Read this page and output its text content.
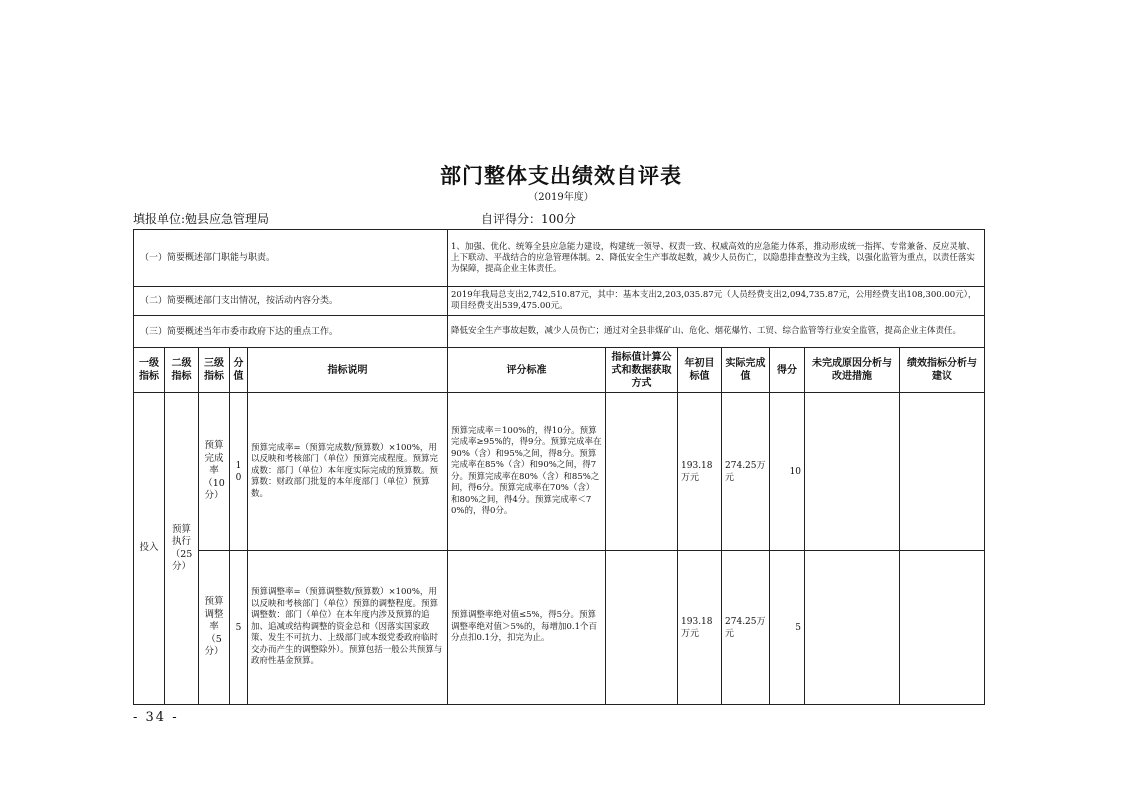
部门整体支出绩效自评表
（2019年度）
填报单位:勉县应急管理局	自评得分：100分
（一）简要概述部门职能与职责。					1、加强、优化、统筹全县应急能力建设，构建统一领导、权责一致、权威高效的应急能力体系，推动形成统一指挥、专常兼备、反应灵敏、上下联动、平战结合的应急管理体制。2、降低安全生产事故起数，减少人员伤亡，以隐患排查整改为主线，以强化监管为重点，以责任落实为保障，提高企业主体责任。						
（二）简要概述部门支出情况，按活动内容分类。					2019年我局总支出2,742,510.87元，其中：基本支出2,203,035.87元（人员经费支出2,094,735.87元，公用经费支出108,300.00元），项目经费支出539,475.00元。						
（三）简要概述当年市委市政府下达的重点工作。					降低安全生产事故起数，减少人员伤亡；通过对全县非煤矿山、危化、烟花爆竹、工贸、综合监管等行业安全监管，提高企业主体责任。						
一级指标	二级指标	三级指标	分值	指标说明	评分标准	指标值计算公式和数据获取方式	年初目标值	实际完成值	得分	未完成原因分析与改进措施	绩效指标分析与建议
投入	预算执行（25分）	预算完成率（10分）	10	预算完成率=（预算完成数/预算数）×100%，用以反映和考核部门（单位）预算完成程度。预算完成数：部门（单位）本年度实际完成的预算数。预算数：财政部门批复的本年度部门（单位）预算数。	预算完成率＝100%的，得10分。预算完成率≥95%的，得9分。预算完成率在90%（含）和95%之间，得8分。预算完成率在85%（含）和90%之间，得7分。预算完成率在80%（含）和85%之间，得6分。预算完成率在70%（含）和80%之间，得4分。预算完成率＜70%的，得0分。		193.18万元	274.25万元	10		
		预算调整率（5分）	5	预算调整率=（预算调整数/预算数）×100%，用以反映和考核部门（单位）预算的调整程度。预算调整数：部门（单位）在本年度内涉及预算的追加、追减或结构调整的资金总和（因落实国家政策、发生不可抗力、上级部门或本级党委政府临时交办而产生的调整除外）。预算包括一般公共预算与政府性基金预算。	预算调整率绝对值≤5%，得5分。预算调整率绝对值＞5%的，每增加0.1个百分点扣0.1分，扣完为止。		193.18万元	274.25万元	5		
- 34 -
